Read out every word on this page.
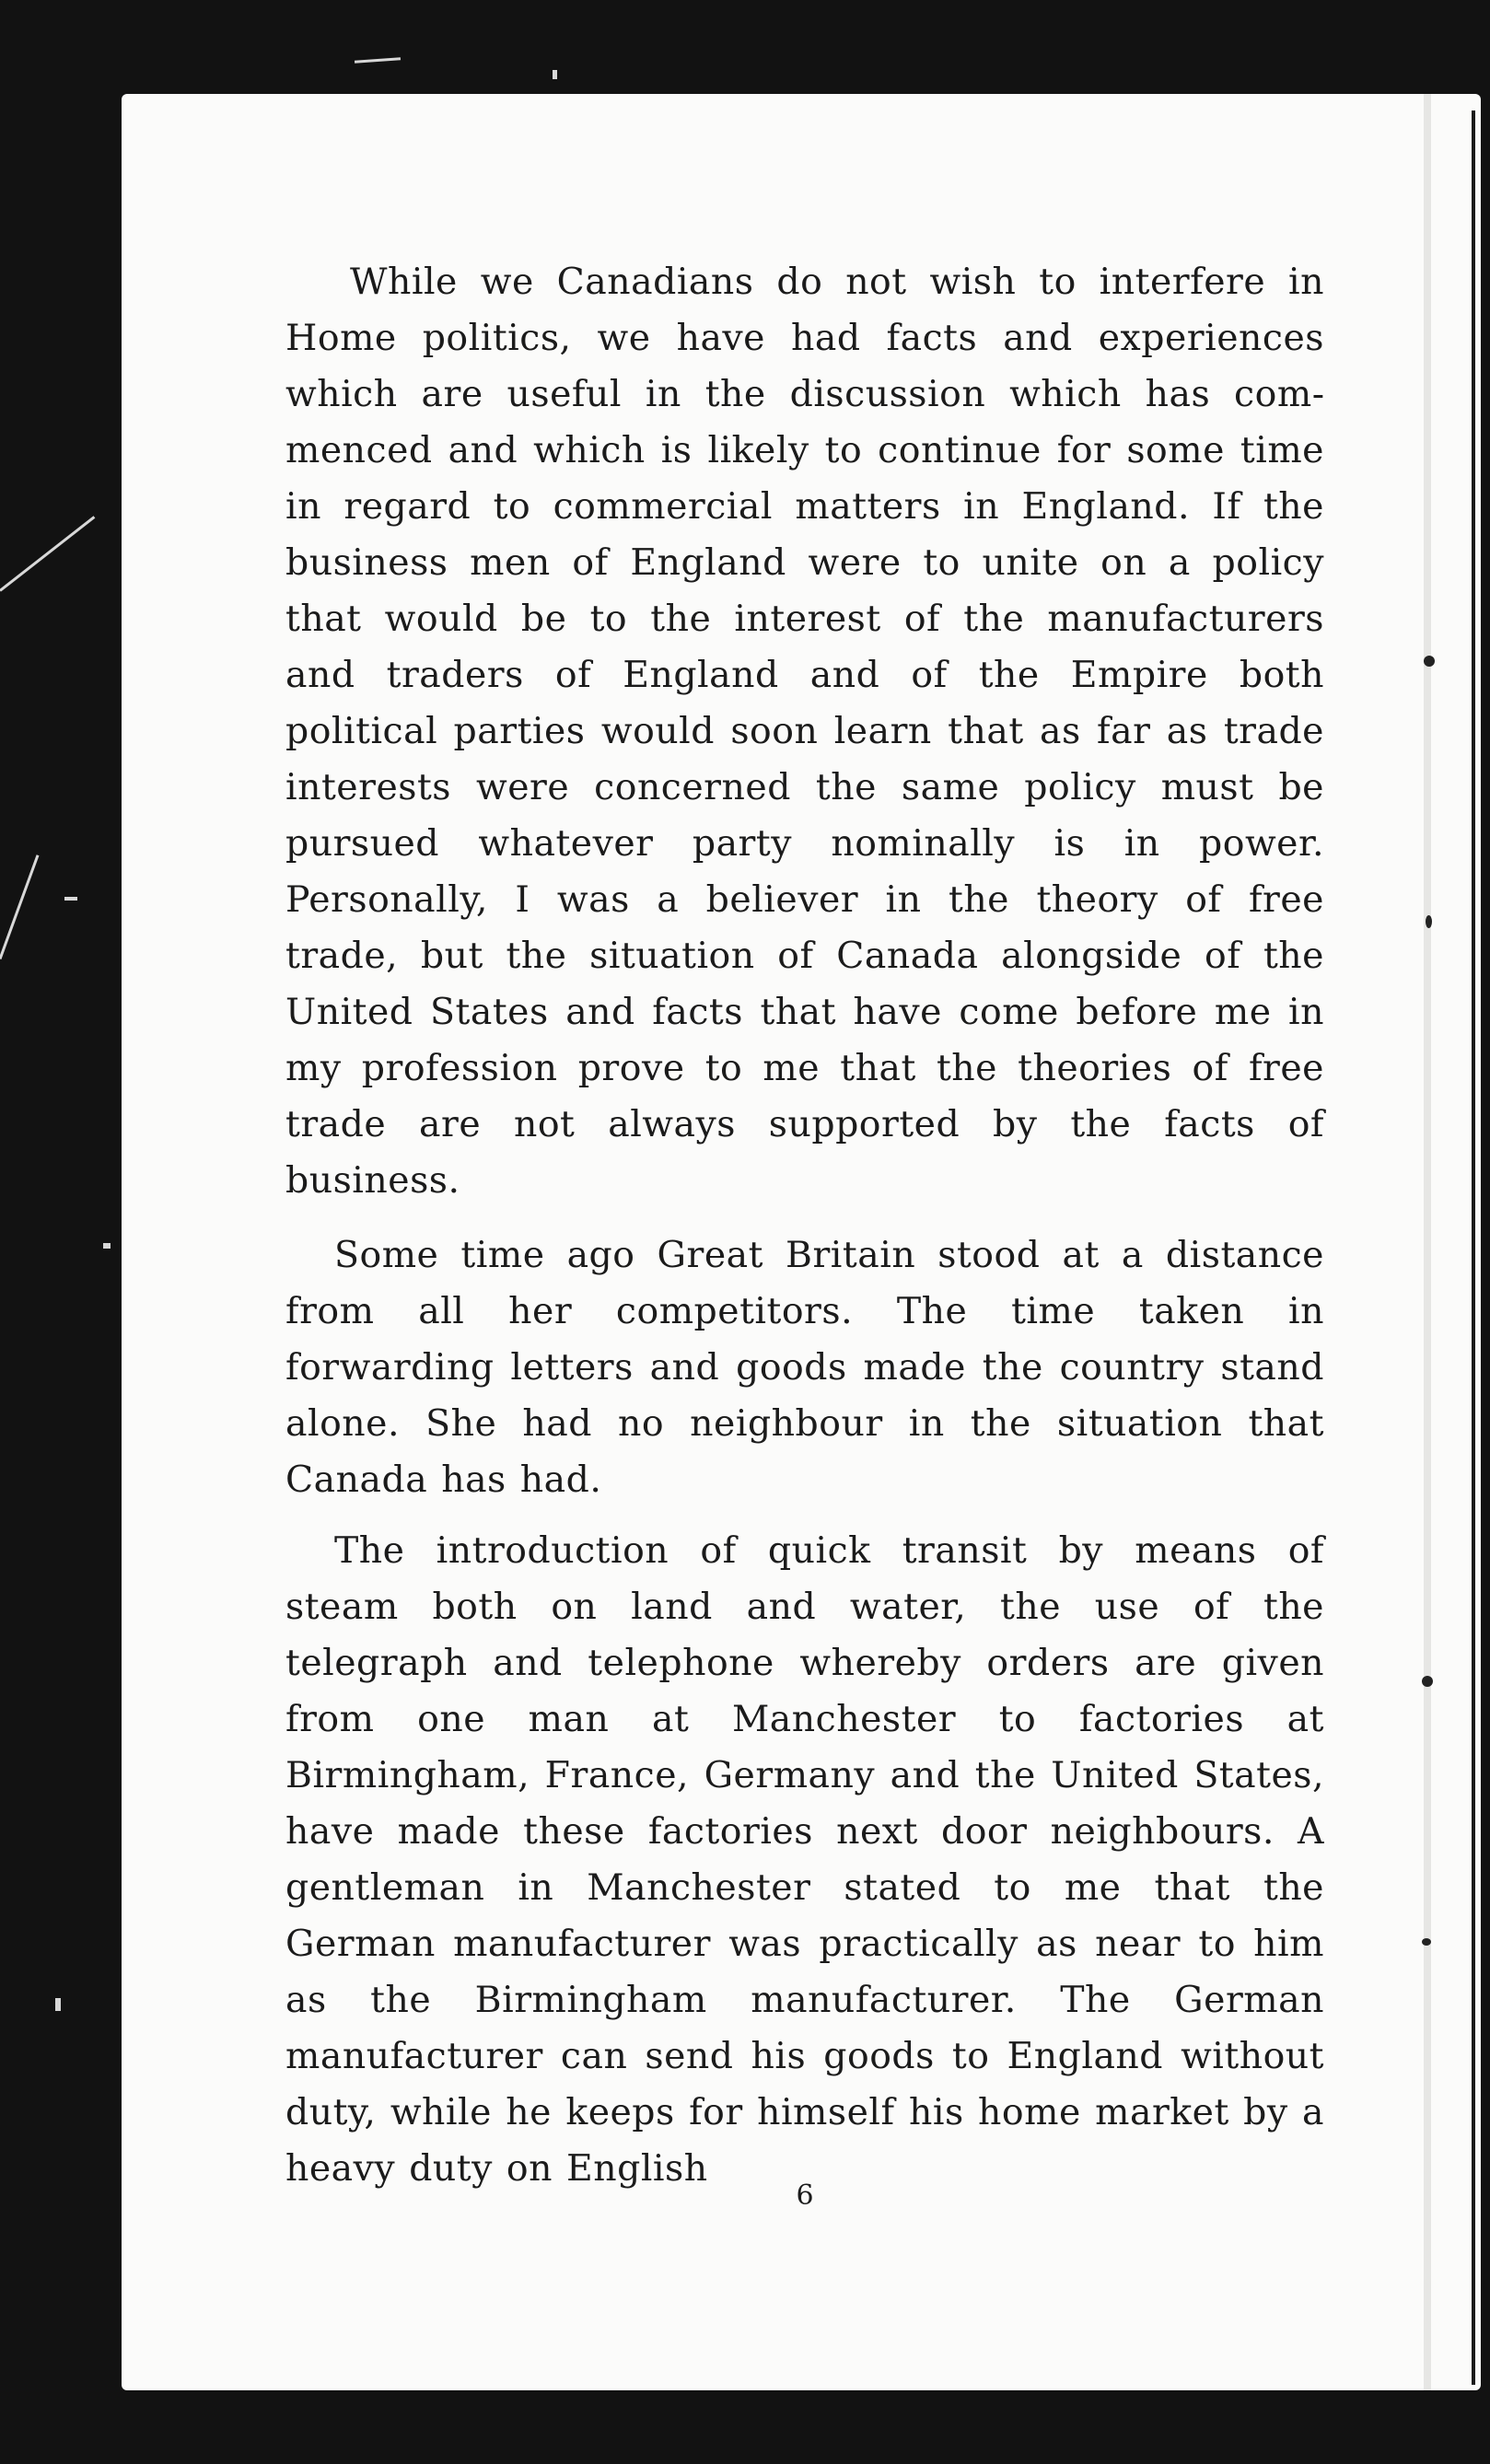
While we Canadians do not wish to interfere in Home politics, we have had facts and experiences which are useful in the discussion which has commenced and which is likely to continue for some time in regard to commercial matters in England. If the business men of England were to unite on a policy that would be to the interest of the manufacturers and traders of England and of the Empire both political parties would soon learn that as far as trade interests were concerned the same policy must be pursued whatever party nominally is in power. Personally, I was a believer in the theory of free trade, but the situation of Canada alongside of the United States and facts that have come before me in my profession prove to me that the theories of free trade are not always supported by the facts of business.

Some time ago Great Britain stood at a distance from all her competitors. The time taken in forwarding letters and goods made the country stand alone. She had no neighbour in the situation that Canada has had.

The introduction of quick transit by means of steam both on land and water, the use of the telegraph and telephone whereby orders are given from one man at Manchester to factories at Birmingham, France, Germany and the United States, have made these factories next door neighbours. A gentleman in Manchester stated to me that the German manufacturer was practically as near to him as the Birmingham manufacturer. The German manufacturer can send his goods to England without duty, while he keeps for himself his home market by a heavy duty on English

6
